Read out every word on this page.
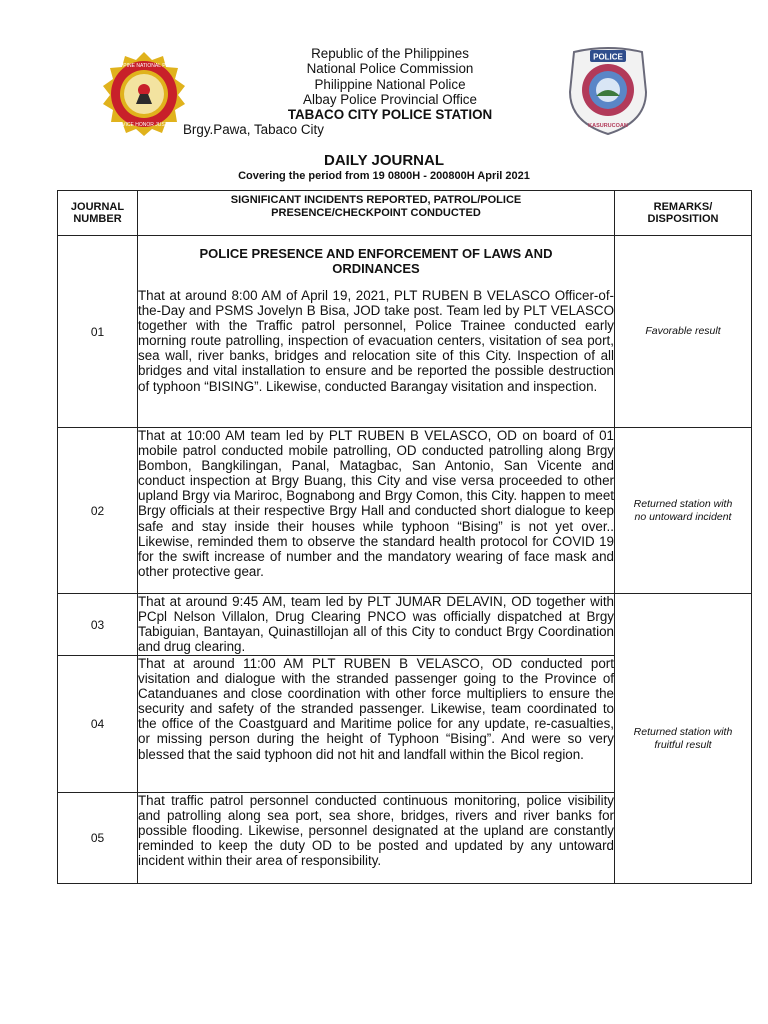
PHILIPPINE NATIONAL POLICE
SERVICE HONOR JUSTICE
Republic of the Philippines
National Police Commission
Philippine National Police
Albay Police Provincial Office
TABACO CITY POLICE STATION
Brgy.Pawa, Tabaco City
POLICE
KASURUCOAN
DAILY JOURNAL
Covering the period from 19 0800H - 200800H April 2021
JOURNAL NUMBER	SIGNIFICANT INCIDENTS REPORTED, PATROL/POLICE PRESENCE/CHECKPOINT CONDUCTED	REMARKS/ DISPOSITION
01	POLICE PRESENCE AND ENFORCEMENT OF LAWS AND ORDINANCES
That at around 8:00 AM of April 19, 2021, PLT RUBEN B VELASCO Officer-of-the-Day and PSMS Jovelyn B Bisa, JOD take post. Team led by PLT VELASCO together with the Traffic patrol personnel, Police Trainee conducted early morning route patrolling, inspection of evacuation centers, visitation of sea port, sea wall, river banks, bridges and relocation site of this City. Inspection of all bridges and vital installation to ensure and be reported the possible destruction of typhoon “BISING”. Likewise, conducted Barangay visitation and inspection.	Favorable result
02	That at 10:00 AM team led by PLT RUBEN B VELASCO, OD on board of 01 mobile patrol conducted mobile patrolling, OD conducted patrolling along Brgy Bombon, Bangkilingan, Panal, Matagbac, San Antonio, San Vicente and conduct inspection at Brgy Buang, this City and vise versa proceeded to other upland Brgy via Mariroc, Bognabong and Brgy Comon, this City. happen to meet Brgy officials at their respective Brgy Hall and conducted short dialogue to keep safe and stay inside their houses while typhoon “Bising” is not yet over.. Likewise, reminded them to observe the standard health protocol for COVID 19 for the swift increase of number and the mandatory wearing of face mask and other protective gear.	Returned station with no untoward incident
03	That at around 9:45 AM, team led by PLT JUMAR DELAVIN, OD together with PCpl Nelson Villalon, Drug Clearing PNCO was officially dispatched at Brgy Tabiguian, Bantayan, Quinastillojan all of this City to conduct Brgy Coordination and drug clearing.	Returned station with fruitful result
04	That at around 11:00 AM PLT RUBEN B VELASCO, OD conducted port visitation and dialogue with the stranded passenger going to the Province of Catanduanes and close coordination with other force multipliers to ensure the security and safety of the stranded passenger. Likewise, team coordinated to the office of the Coastguard and Maritime police for any update, re-casualties, or missing person during the height of Typhoon “Bising”. And were so very blessed that the said typhoon did not hit and landfall within the Bicol region.	
05	That traffic patrol personnel conducted continuous monitoring, police visibility and patrolling along sea port, sea shore, bridges, rivers and river banks for possible flooding. Likewise, personnel designated at the upland are constantly reminded to keep the duty OD to be posted and updated by any untoward incident within their area of responsibility.	
